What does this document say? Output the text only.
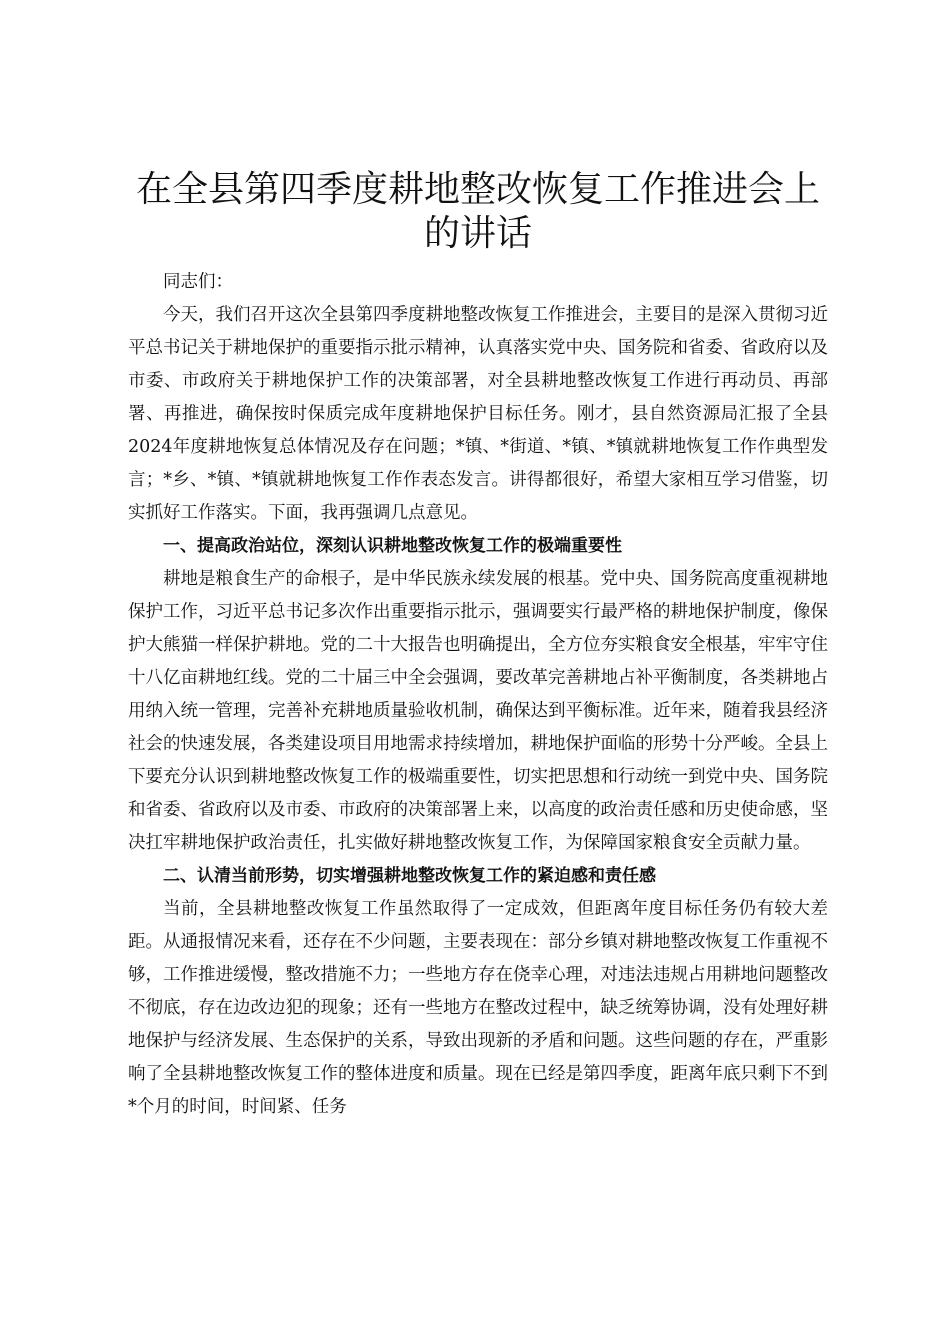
在全县第四季度耕地整改恢复工作推进会上的讲话

同志们：

今天，我们召开这次全县第四季度耕地整改恢复工作推进会，主要目的是深入贯彻习近平总书记关于耕地保护的重要指示批示精神，认真落实党中央、国务院和省委、省政府以及市委、市政府关于耕地保护工作的决策部署，对全县耕地整改恢复工作进行再动员、再部署、再推进，确保按时保质完成年度耕地保护目标任务。刚才，县自然资源局汇报了全县2024年度耕地恢复总体情况及存在问题；*镇、*街道、*镇、*镇就耕地恢复工作作典型发言；*乡、*镇、*镇就耕地恢复工作作表态发言。讲得都很好，希望大家相互学习借鉴，切实抓好工作落实。下面，我再强调几点意见。

一、提高政治站位，深刻认识耕地整改恢复工作的极端重要性

耕地是粮食生产的命根子，是中华民族永续发展的根基。党中央、国务院高度重视耕地保护工作，习近平总书记多次作出重要指示批示，强调要实行最严格的耕地保护制度，像保护大熊猫一样保护耕地。党的二十大报告也明确提出，全方位夯实粮食安全根基，牢牢守住十八亿亩耕地红线。党的二十届三中全会强调，要改革完善耕地占补平衡制度，各类耕地占用纳入统一管理，完善补充耕地质量验收机制，确保达到平衡标准。近年来，随着我县经济社会的快速发展，各类建设项目用地需求持续增加，耕地保护面临的形势十分严峻。全县上下要充分认识到耕地整改恢复工作的极端重要性，切实把思想和行动统一到党中央、国务院和省委、省政府以及市委、市政府的决策部署上来，以高度的政治责任感和历史使命感，坚决扛牢耕地保护政治责任，扎实做好耕地整改恢复工作，为保障国家粮食安全贡献力量。

二、认清当前形势，切实增强耕地整改恢复工作的紧迫感和责任感

当前，全县耕地整改恢复工作虽然取得了一定成效，但距离年度目标任务仍有较大差距。从通报情况来看，还存在不少问题，主要表现在：部分乡镇对耕地整改恢复工作重视不够，工作推进缓慢，整改措施不力；一些地方存在侥幸心理，对违法违规占用耕地问题整改不彻底，存在边改边犯的现象；还有一些地方在整改过程中，缺乏统筹协调，没有处理好耕地保护与经济发展、生态保护的关系，导致出现新的矛盾和问题。这些问题的存在，严重影响了全县耕地整改恢复工作的整体进度和质量。现在已经是第四季度，距离年底只剩下不到*个月的时间，时间紧、任务
